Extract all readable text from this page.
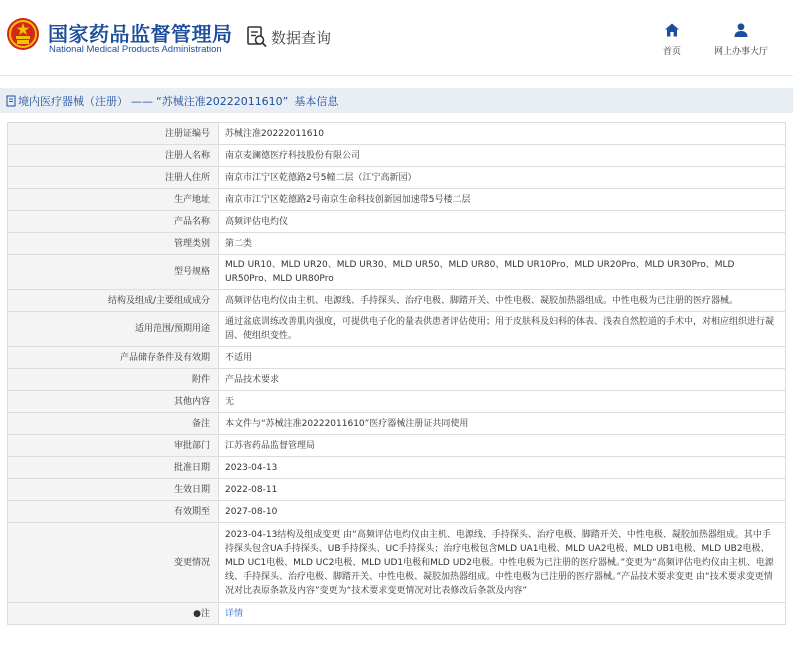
国家药品监督管理局
National Medical Products Administration
数据查询
首页	网上办事大厅
境内医疗器械（注册） —— “苏械注准20222011610” 基本信息
注册证编号	苏械注准20222011610
注册人名称	南京麦澜德医疗科技股份有限公司
注册人住所	南京市江宁区乾德路2号5幢二层（江宁高新园）
生产地址	南京市江宁区乾德路2号南京生命科技创新园加速带5号楼二层
产品名称	高频评估电灼仪
管理类别	第二类
型号规格	MLD UR10、MLD UR20、MLD UR30、MLD UR50、MLD UR80、MLD UR10Pro、MLD UR20Pro、MLD UR30Pro、MLD UR50Pro、MLD UR80Pro
结构及组成/主要组成成分	高频评估电灼仪由主机、电源线、手持探头、治疗电极、脚踏开关、中性电极、凝胶加热器组成。中性电极为已注册的医疗器械。
适用范围/预期用途	通过盆底训练改善肌肉强度，可提供电子化的量表供患者评估使用；用于皮肤科及妇科的体表、浅表自然腔道的手术中，对相应组织进行凝固、使组织变性。
产品储存条件及有效期	不适用
附件	产品技术要求
其他内容	无
备注	本文件与“苏械注准20222011610”医疗器械注册证共同使用
审批部门	江苏省药品监督管理局
批准日期	2023-04-13
生效日期	2022-08-11
有效期至	2027-08-10
变更情况	2023-04-13结构及组成变更 由“高频评估电灼仪由主机、电源线、手持探头、治疗电极、脚踏开关、中性电极、凝胶加热器组成。其中手持探头包含UA手持探头、UB手持探头、UC手持探头；治疗电极包含MLD UA1电极、MLD UA2电极、MLD UB1电极、MLD UB2电极、MLD UC1电极、MLD UC2电极、MLD UD1电极和MLD UD2电极。中性电极为已注册的医疗器械。”变更为“高频评估电灼仪由主机、电源线、手持探头、治疗电极、脚踏开关、中性电极、凝胶加热器组成。中性电极为已注册的医疗器械。”产品技术要求变更 由“技术要求变更情况对比表原条款及内容”变更为“技术要求变更情况对比表修改后条款及内容”
●注	详情
